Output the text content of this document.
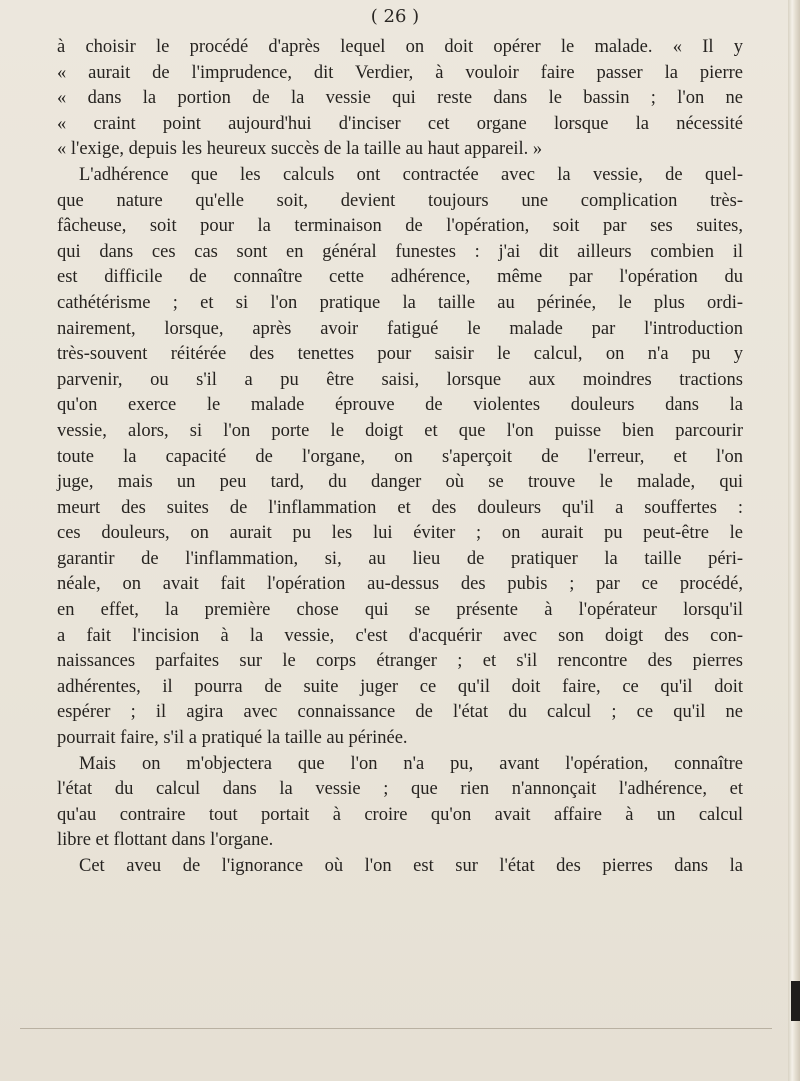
( 26 )
à choisir le procédé d'après lequel on doit opérer le malade. « Il y
« aurait de l'imprudence, dit Verdier, à vouloir faire passer la pierre
« dans la portion de la vessie qui reste dans le bassin ; l'on ne
« craint point aujourd'hui d'inciser cet organe lorsque la nécessité
« l'exige, depuis les heureux succès de la taille au haut appareil. »
L'adhérence que les calculs ont contractée avec la vessie, de quel-
que nature qu'elle soit, devient toujours une complication très-
fâcheuse, soit pour la terminaison de l'opération, soit par ses suites,
qui dans ces cas sont en général funestes : j'ai dit ailleurs combien il
est difficile de connaître cette adhérence, même par l'opération du
cathétérisme ; et si l'on pratique la taille au périnée, le plus ordi-
nairement, lorsque, après avoir fatigué le malade par l'introduction
très-souvent réitérée des tenettes pour saisir le calcul, on n'a pu y
parvenir, ou s'il a pu être saisi, lorsque aux moindres tractions
qu'on exerce le malade éprouve de violentes douleurs dans la
vessie, alors, si l'on porte le doigt et que l'on puisse bien parcourir
toute la capacité de l'organe, on s'aperçoit de l'erreur, et l'on
juge, mais un peu tard, du danger où se trouve le malade, qui
meurt des suites de l'inflammation et des douleurs qu'il a souffertes :
ces douleurs, on aurait pu les lui éviter ; on aurait pu peut-être le
garantir de l'inflammation, si, au lieu de pratiquer la taille péri-
néale, on avait fait l'opération au-dessus des pubis ; par ce procédé,
en effet, la première chose qui se présente à l'opérateur lorsqu'il
a fait l'incision à la vessie, c'est d'acquérir avec son doigt des con-
naissances parfaites sur le corps étranger ; et s'il rencontre des pierres
adhérentes, il pourra de suite juger ce qu'il doit faire, ce qu'il doit
espérer ; il agira avec connaissance de l'état du calcul ; ce qu'il ne
pourrait faire, s'il a pratiqué la taille au périnée.
Mais on m'objectera que l'on n'a pu, avant l'opération, connaître
l'état du calcul dans la vessie ; que rien n'annonçait l'adhérence, et
qu'au contraire tout portait à croire qu'on avait affaire à un calcul
libre et flottant dans l'organe.
Cet aveu de l'ignorance où l'on est sur l'état des pierres dans la
